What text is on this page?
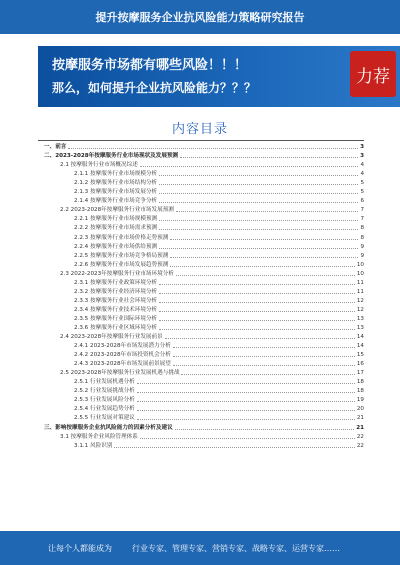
提升按摩服务企业抗风险能力策略研究报告
按摩服务市场都有哪些风险！！！
那么，如何提升企业抗风险能力？？？
力荐
内容目录
一、前言	3
二、2023-2028年按摩服务行业市场现状及发展预测	3
2.1 按摩服务行业市场概况综述	4
2.1.1 按摩服务行业市场规模分析	4
2.1.2 按摩服务行业市场结构分析	5
2.1.3 按摩服务行业市场发展分析	5
2.1.4 按摩服务行业市场竞争分析	6
2.2 2023-2028年按摩服务行业市场发展预测	7
2.2.1 按摩服务行业市场规模预测	7
2.2.2 按摩服务行业市场需求预测	8
2.2.3 按摩服务行业市场价格走势预测	8
2.2.4 按摩服务行业市场供给预测	9
2.2.5 按摩服务行业市场竞争格局预测	9
2.2.6 按摩服务行业市场发展趋势预测	10
2.3 2022-2023年按摩服务行业市场环境分析	10
2.3.1 按摩服务行业政策环境分析	11
2.3.2 按摩服务行业经济环境分析	11
2.3.3 按摩服务行业社会环境分析	12
2.3.4 按摩服务行业技术环境分析	12
2.3.5 按摩服务行业国际环境分析	13
2.3.6 按摩服务行业区域环境分析	13
2.4 2023-2028年按摩服务行业发展前景	14
2.4.1 2023-2028年市场发展潜力分析	14
2.4.2 2023-2028年市场投资机会分析	15
2.4.3 2023-2028年市场发展前景展望	16
2.5 2023-2028年按摩服务行业发展机遇与挑战	17
2.5.1 行业发展机遇分析	18
2.5.2 行业发展挑战分析	18
2.5.3 行业发展风险分析	19
2.5.4 行业发展趋势分析	20
2.5.5 行业发展对策建议	21
三、影响按摩服务企业抗风险能力的因素分析及建议	21
3.1 按摩服务企业风险管理体系	22
3.1.1 风险识别	22
让每个人都能成为	行业专家、管理专家、营销专家、战略专家、运营专家……
